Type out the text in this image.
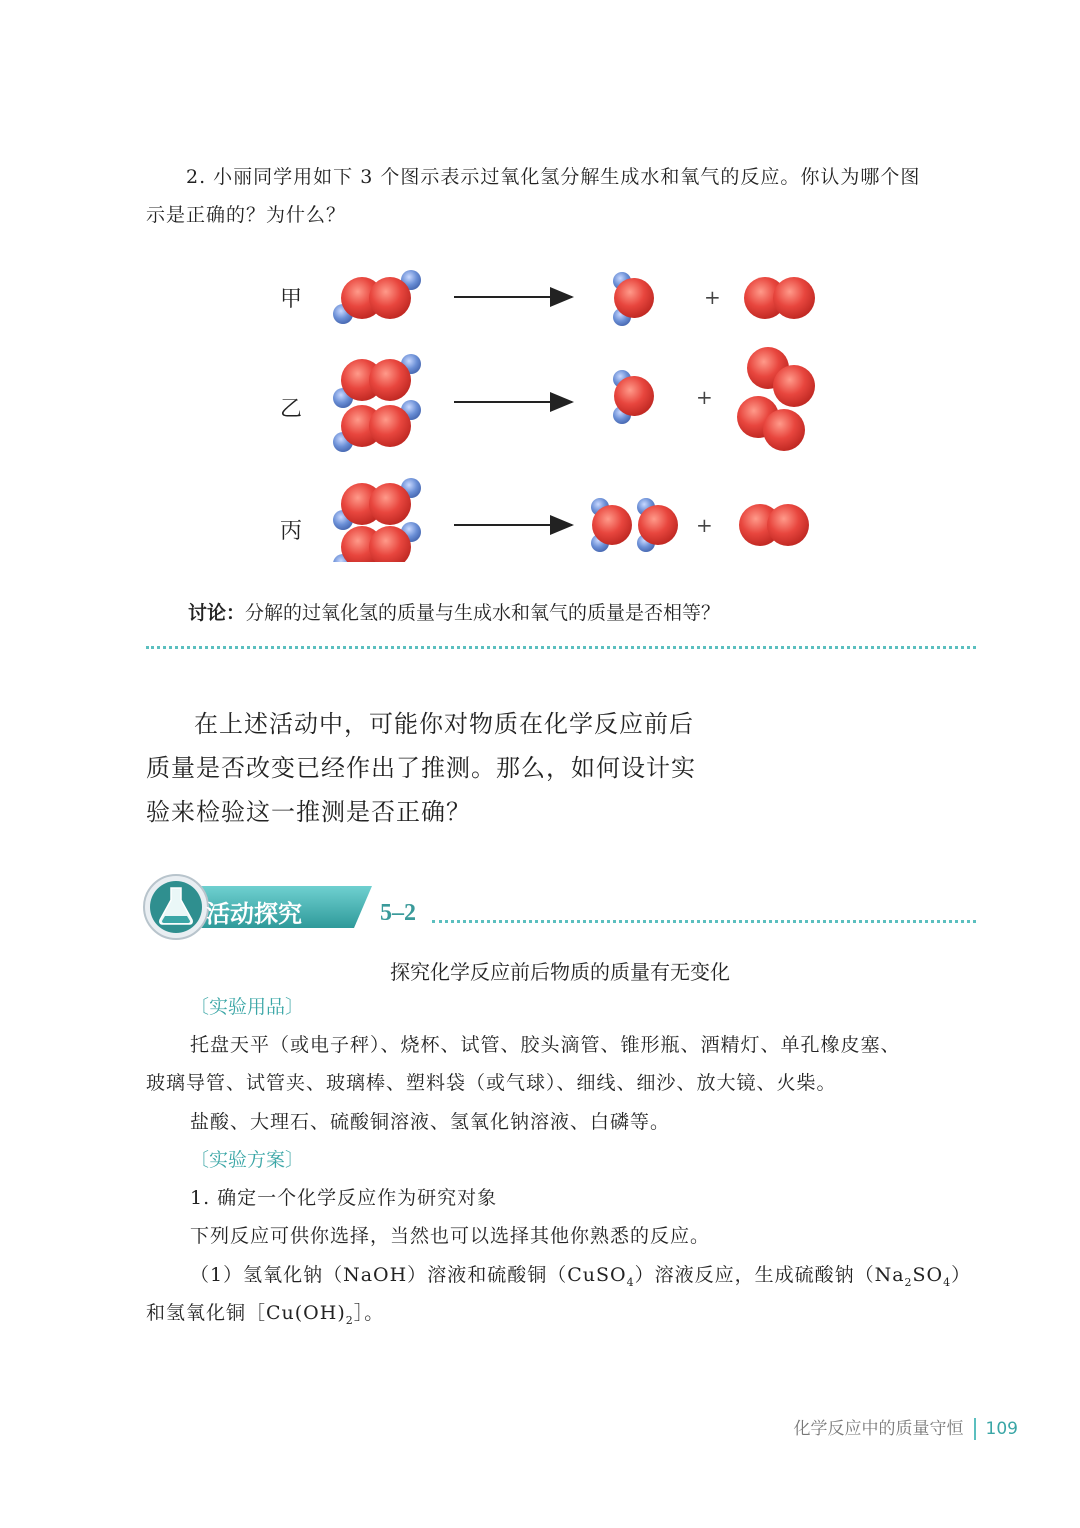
2. 小丽同学用如下 3 个图示表示过氧化氢分解生成水和氧气的反应。你认为哪个图
示是正确的？为什么？
甲	+
乙	+
丙	+
讨论：分解的过氧化氢的质量与生成水和氧气的质量是否相等？
在上述活动中，可能你对物质在化学反应前后
质量是否改变已经作出了推测。那么，如何设计实
验来检验这一推测是否正确？
活动探究	5–2
探究化学反应前后物质的质量有无变化
〔实验用品〕
托盘天平（或电子秤）、烧杯、试管、胶头滴管、锥形瓶、酒精灯、单孔橡皮塞、
玻璃导管、试管夹、玻璃棒、塑料袋（或气球）、细线、细沙、放大镜、火柴。
盐酸、大理石、硫酸铜溶液、氢氧化钠溶液、白磷等。
〔实验方案〕
1. 确定一个化学反应作为研究对象
下列反应可供你选择，当然也可以选择其他你熟悉的反应。
（1）氢氧化钠（NaOH）溶液和硫酸铜（CuSO$_4$）溶液反应，生成硫酸钠$(Na_2SO_4)$
和氢氧化铜$[Cu(OH)_2]$。
化学反应中的质量守恒 109
